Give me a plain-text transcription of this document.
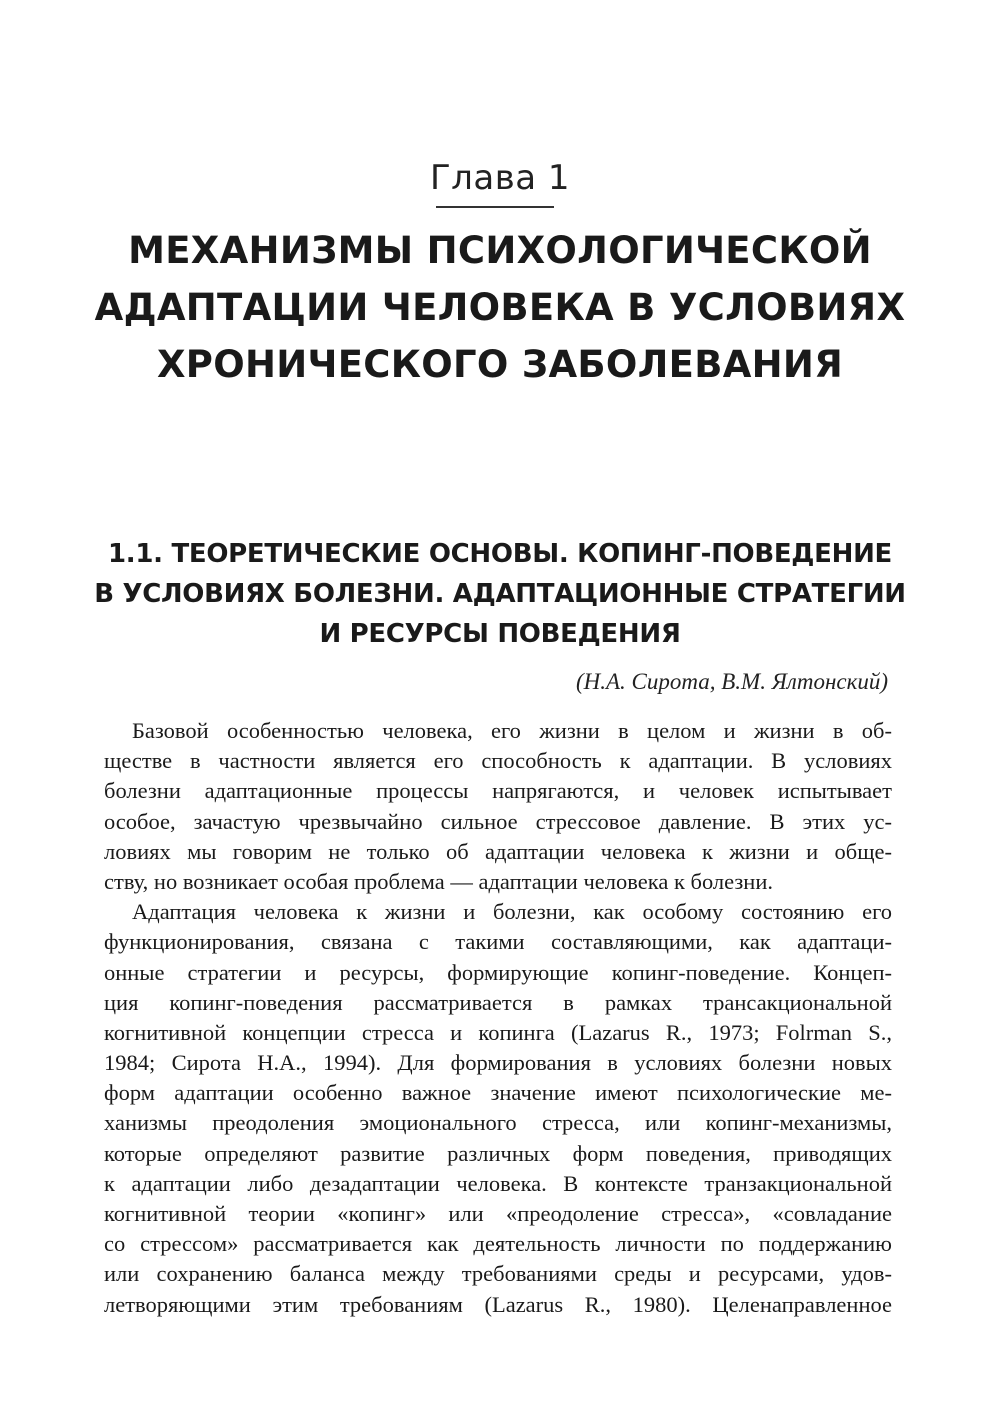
Глава 1
МЕХАНИЗМЫ ПСИХОЛОГИЧЕСКОЙ
АДАПТАЦИИ ЧЕЛОВЕКА В УСЛОВИЯХ
ХРОНИЧЕСКОГО ЗАБОЛЕВАНИЯ
1.1. ТЕОРЕТИЧЕСКИЕ ОСНОВЫ. КОПИНГ-ПОВЕДЕНИЕ
В УСЛОВИЯХ БОЛЕЗНИ. АДАПТАЦИОННЫЕ СТРАТЕГИИ
И РЕСУРСЫ ПОВЕДЕНИЯ
(Н.А. Сирота, В.М. Ялтонский)
Базовой особенностью человека, его жизни в целом и жизни в об-
ществе в частности является его способность к адаптации. В условиях
болезни адаптационные процессы напрягаются, и человек испытывает
особое, зачастую чрезвычайно сильное стрессовое давление. В этих ус-
ловиях мы говорим не только об адаптации человека к жизни и обще-
ству, но возникает особая проблема — адаптации человека к болезни.
Адаптация человека к жизни и болезни, как особому состоянию его
функционирования, связана с такими составляющими, как адаптаци-
онные стратегии и ресурсы, формирующие копинг-поведение. Концеп-
ция копинг-поведения рассматривается в рамках трансакциональной
когнитивной концепции стресса и копинга (Lazarus R., 1973; Folrman S.,
1984; Сирота Н.А., 1994). Для формирования в условиях болезни новых
форм адаптации особенно важное значение имеют психологические ме-
ханизмы преодоления эмоционального стресса, или копинг-механизмы,
которые определяют развитие различных форм поведения, приводящих
к адаптации либо дезадаптации человека. В контексте транзакциональной
когнитивной теории «копинг» или «преодоление стресса», «совладание
со стрессом» рассматривается как деятельность личности по поддержанию
или сохранению баланса между требованиями среды и ресурсами, удов-
летворяющими этим требованиям (Lazarus R., 1980). Целенаправленное
